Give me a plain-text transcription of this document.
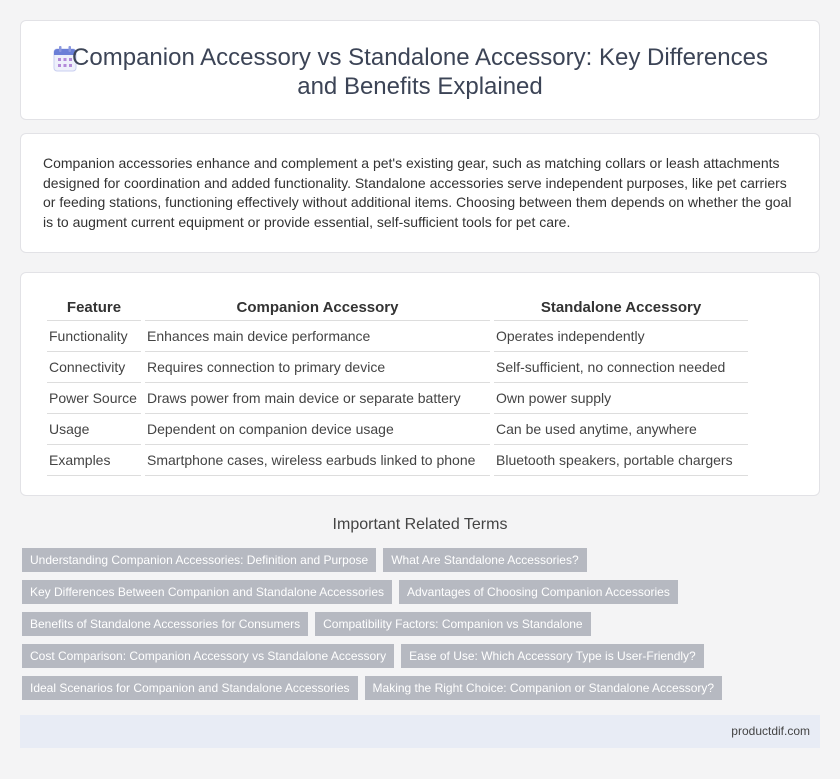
Companion Accessory vs Standalone Accessory: Key Differences and Benefits Explained

Companion accessories enhance and complement a pet's existing gear, such as matching collars or leash attachments designed for coordination and added functionality. Standalone accessories serve independent purposes, like pet carriers or feeding stations, functioning effectively without additional items. Choosing between them depends on whether the goal is to augment current equipment or provide essential, self-sufficient tools for pet care.

Feature	Companion Accessory	Standalone Accessory
Functionality	Enhances main device performance	Operates independently
Connectivity	Requires connection to primary device	Self-sufficient, no connection needed
Power Source	Draws power from main device or separate battery	Own power supply
Usage	Dependent on companion device usage	Can be used anytime, anywhere
Examples	Smartphone cases, wireless earbuds linked to phone	Bluetooth speakers, portable chargers
Important Related Terms
Understanding Companion Accessories: Definition and Purpose	What Are Standalone Accessories?
Key Differences Between Companion and Standalone Accessories	Advantages of Choosing Companion Accessories
Benefits of Standalone Accessories for Consumers	Compatibility Factors: Companion vs Standalone
Cost Comparison: Companion Accessory vs Standalone Accessory	Ease of Use: Which Accessory Type is User-Friendly?
Ideal Scenarios for Companion and Standalone Accessories	Making the Right Choice: Companion or Standalone Accessory?
productdif.com
